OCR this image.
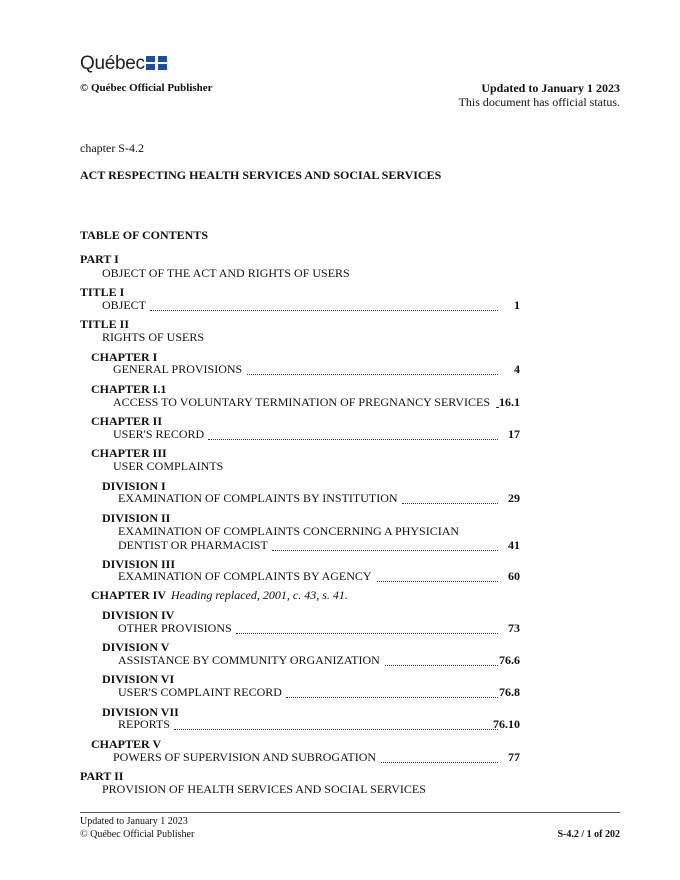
Québec
© Québec Official Publisher	Updated to January 1 2023
This document has official status.
chapter S-4.2
ACT RESPECTING HEALTH SERVICES AND SOCIAL SERVICES
TABLE OF CONTENTS
PART I
OBJECT OF THE ACT AND RIGHTS OF USERS
TITLE I
OBJECT	1
TITLE II
RIGHTS OF USERS
CHAPTER I
GENERAL PROVISIONS	4
CHAPTER I.1
ACCESS TO VOLUNTARY TERMINATION OF PREGNANCY SERVICES 16.1
CHAPTER II
USER'S RECORD	17
CHAPTER III
USER COMPLAINTS
DIVISION I
EXAMINATION OF COMPLAINTS BY INSTITUTION	29
DIVISION II
EXAMINATION OF COMPLAINTS CONCERNING A PHYSICIAN
DENTIST OR PHARMACIST	41
DIVISION III
EXAMINATION OF COMPLAINTS BY AGENCY	60
CHAPTER IV Heading replaced, 2001, c. 43, s. 41.
DIVISION IV
OTHER PROVISIONS	73
DIVISION V
ASSISTANCE BY COMMUNITY ORGANIZATION	76.6
DIVISION VI
USER'S COMPLAINT RECORD	76.8
DIVISION VII
REPORTS	76.10
CHAPTER V
POWERS OF SUPERVISION AND SUBROGATION	77
PART II
PROVISION OF HEALTH SERVICES AND SOCIAL SERVICES
Updated to January 1 2023
© Québec Official Publisher	S-4.2 / 1 of 202
